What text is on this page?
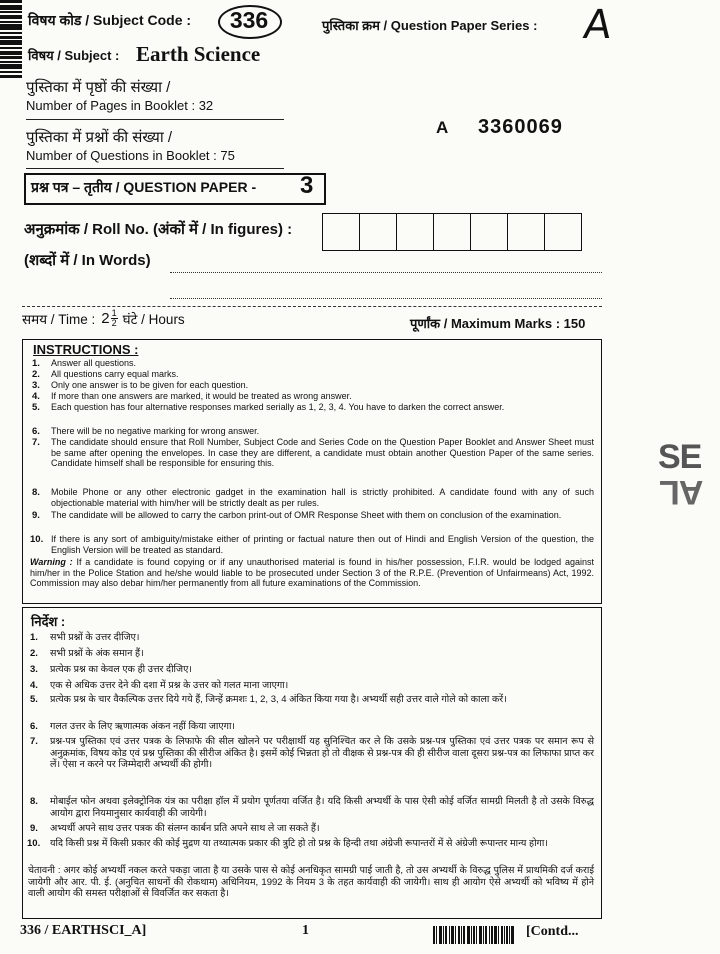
विषय कोड / Subject Code : 336	पुस्तिका क्रम / Question Paper Series : A
विषय / Subject : Earth Science
पुस्तिका में पृष्ठों की संख्या /
Number of Pages in Booklet : 32
पुस्तिका में प्रश्नों की संख्या /
Number of Questions in Booklet : 75
A 3360069
प्रश्न पत्र – तृतीय / QUESTION PAPER - 3
अनुक्रमांक / Roll No. (अंकों में / In figures) :
(शब्दों में / In Words)
समय / Time : $2 \frac{1}{2}$ घंटे / Hours	पूर्णांक / Maximum Marks : 150
INSTRUCTIONS :
1. Answer all questions.
2. All questions carry equal marks.
3. Only one answer is to be given for each question.
4. If more than one answers are marked, it would be treated as wrong answer.
5. Each question has four alternative responses marked serially as 1, 2, 3, 4. You have to darken the correct answer.
6. There will be no negative marking for wrong answer.
7. The candidate should ensure that Roll Number, Subject Code and Series Code on the Question Paper Booklet and Answer Sheet must be same after opening the envelopes. In case they are different, a candidate must obtain another Question Paper of the same series. Candidate himself shall be responsible for ensuring this.
8. Mobile Phone or any other electronic gadget in the examination hall is strictly prohibited. A candidate found with any of such objectionable material with him/her will be strictly dealt as per rules.
9. The candidate will be allowed to carry the carbon print-out of OMR Response Sheet with them on conclusion of the examination.
10. If there is any sort of ambiguity/mistake either of printing or factual nature then out of Hindi and English Version of the question, the English Version will be treated as standard.
Warning : If a candidate is found copying or if any unauthorised material is found in his/her possession, F.I.R. would be lodged against him/her in the Police Station and he/she would liable to be prosecuted under Section 3 of the R.P.E. (Prevention of Unfairmeans) Act, 1992. Commission may also debar him/her permanently from all future examinations of the Commission.
निर्देश :
1. सभी प्रश्नों के उत्तर दीजिए।
2. सभी प्रश्नों के अंक समान हैं।
3. प्रत्येक प्रश्न का केवल एक ही उत्तर दीजिए।
4. एक से अधिक उत्तर देने की दशा में प्रश्न के उत्तर को गलत माना जाएगा।
5. प्रत्येक प्रश्न के चार वैकल्पिक उत्तर दिये गये हैं, जिन्हें क्रमशः 1, 2, 3, 4 अंकित किया गया है। अभ्यर्थी सही उत्तर वाले गोले को काला करें।
6. गलत उत्तर के लिए ऋणात्मक अंकन नहीं किया जाएगा।
7. प्रश्न-पत्र पुस्तिका एवं उत्तर पत्रक के लिफाफे की सील खोलने पर परीक्षार्थी यह सुनिश्चित कर ले कि उसके प्रश्न-पत्र पुस्तिका एवं उत्तर पत्रक पर समान रूप से अनुक्रमांक, विषय कोड एवं प्रश्न पुस्तिका की सीरीज अंकित है। इसमें कोई भिन्नता हो तो वीक्षक से प्रश्न-पत्र की ही सीरीज वाला दूसरा प्रश्न-पत्र का लिफाफा प्राप्त कर लें। ऐसा न करने पर जिम्मेदारी अभ्यर्थी की होगी।
8. मोबाईल फोन अथवा इलेक्ट्रोनिक यंत्र का परीक्षा हॉल में प्रयोग पूर्णतया वर्जित है। यदि किसी अभ्यर्थी के पास ऐसी कोई वर्जित सामग्री मिलती है तो उसके विरुद्ध आयोग द्वारा नियमानुसार कार्यवाही की जायेगी।
9. अभ्यर्थी अपने साथ उत्तर पत्रक की संलग्न कार्बन प्रति अपने साथ ले जा सकते हैं।
10. यदि किसी प्रश्न में किसी प्रकार की कोई मुद्रण या तथ्यात्मक प्रकार की त्रुटि हो तो प्रश्न के हिन्दी तथा अंग्रेजी रूपान्तरों में से अंग्रेजी रूपान्तर मान्य होगा।
चेतावनी : अगर कोई अभ्यर्थी नकल करते पकड़ा जाता है या उसके पास से कोई अनधिकृत सामग्री पाई जाती है, तो उस अभ्यर्थी के विरुद्ध पुलिस में प्राथमिकी दर्ज कराई जायेगी और आर. पी. ई. (अनुचित साधनों की रोकथाम) अधिनियम, 1992 के नियम 3 के तहत कार्यवाही की जायेगी। साथ ही आयोग ऐसे अभ्यर्थी को भविष्य में होने वाली आयोग की समस्त परीक्षाओं से विवर्जित कर सकता है।
336 / EARTHSCI_A]	1	[Contd...
SE
AL
